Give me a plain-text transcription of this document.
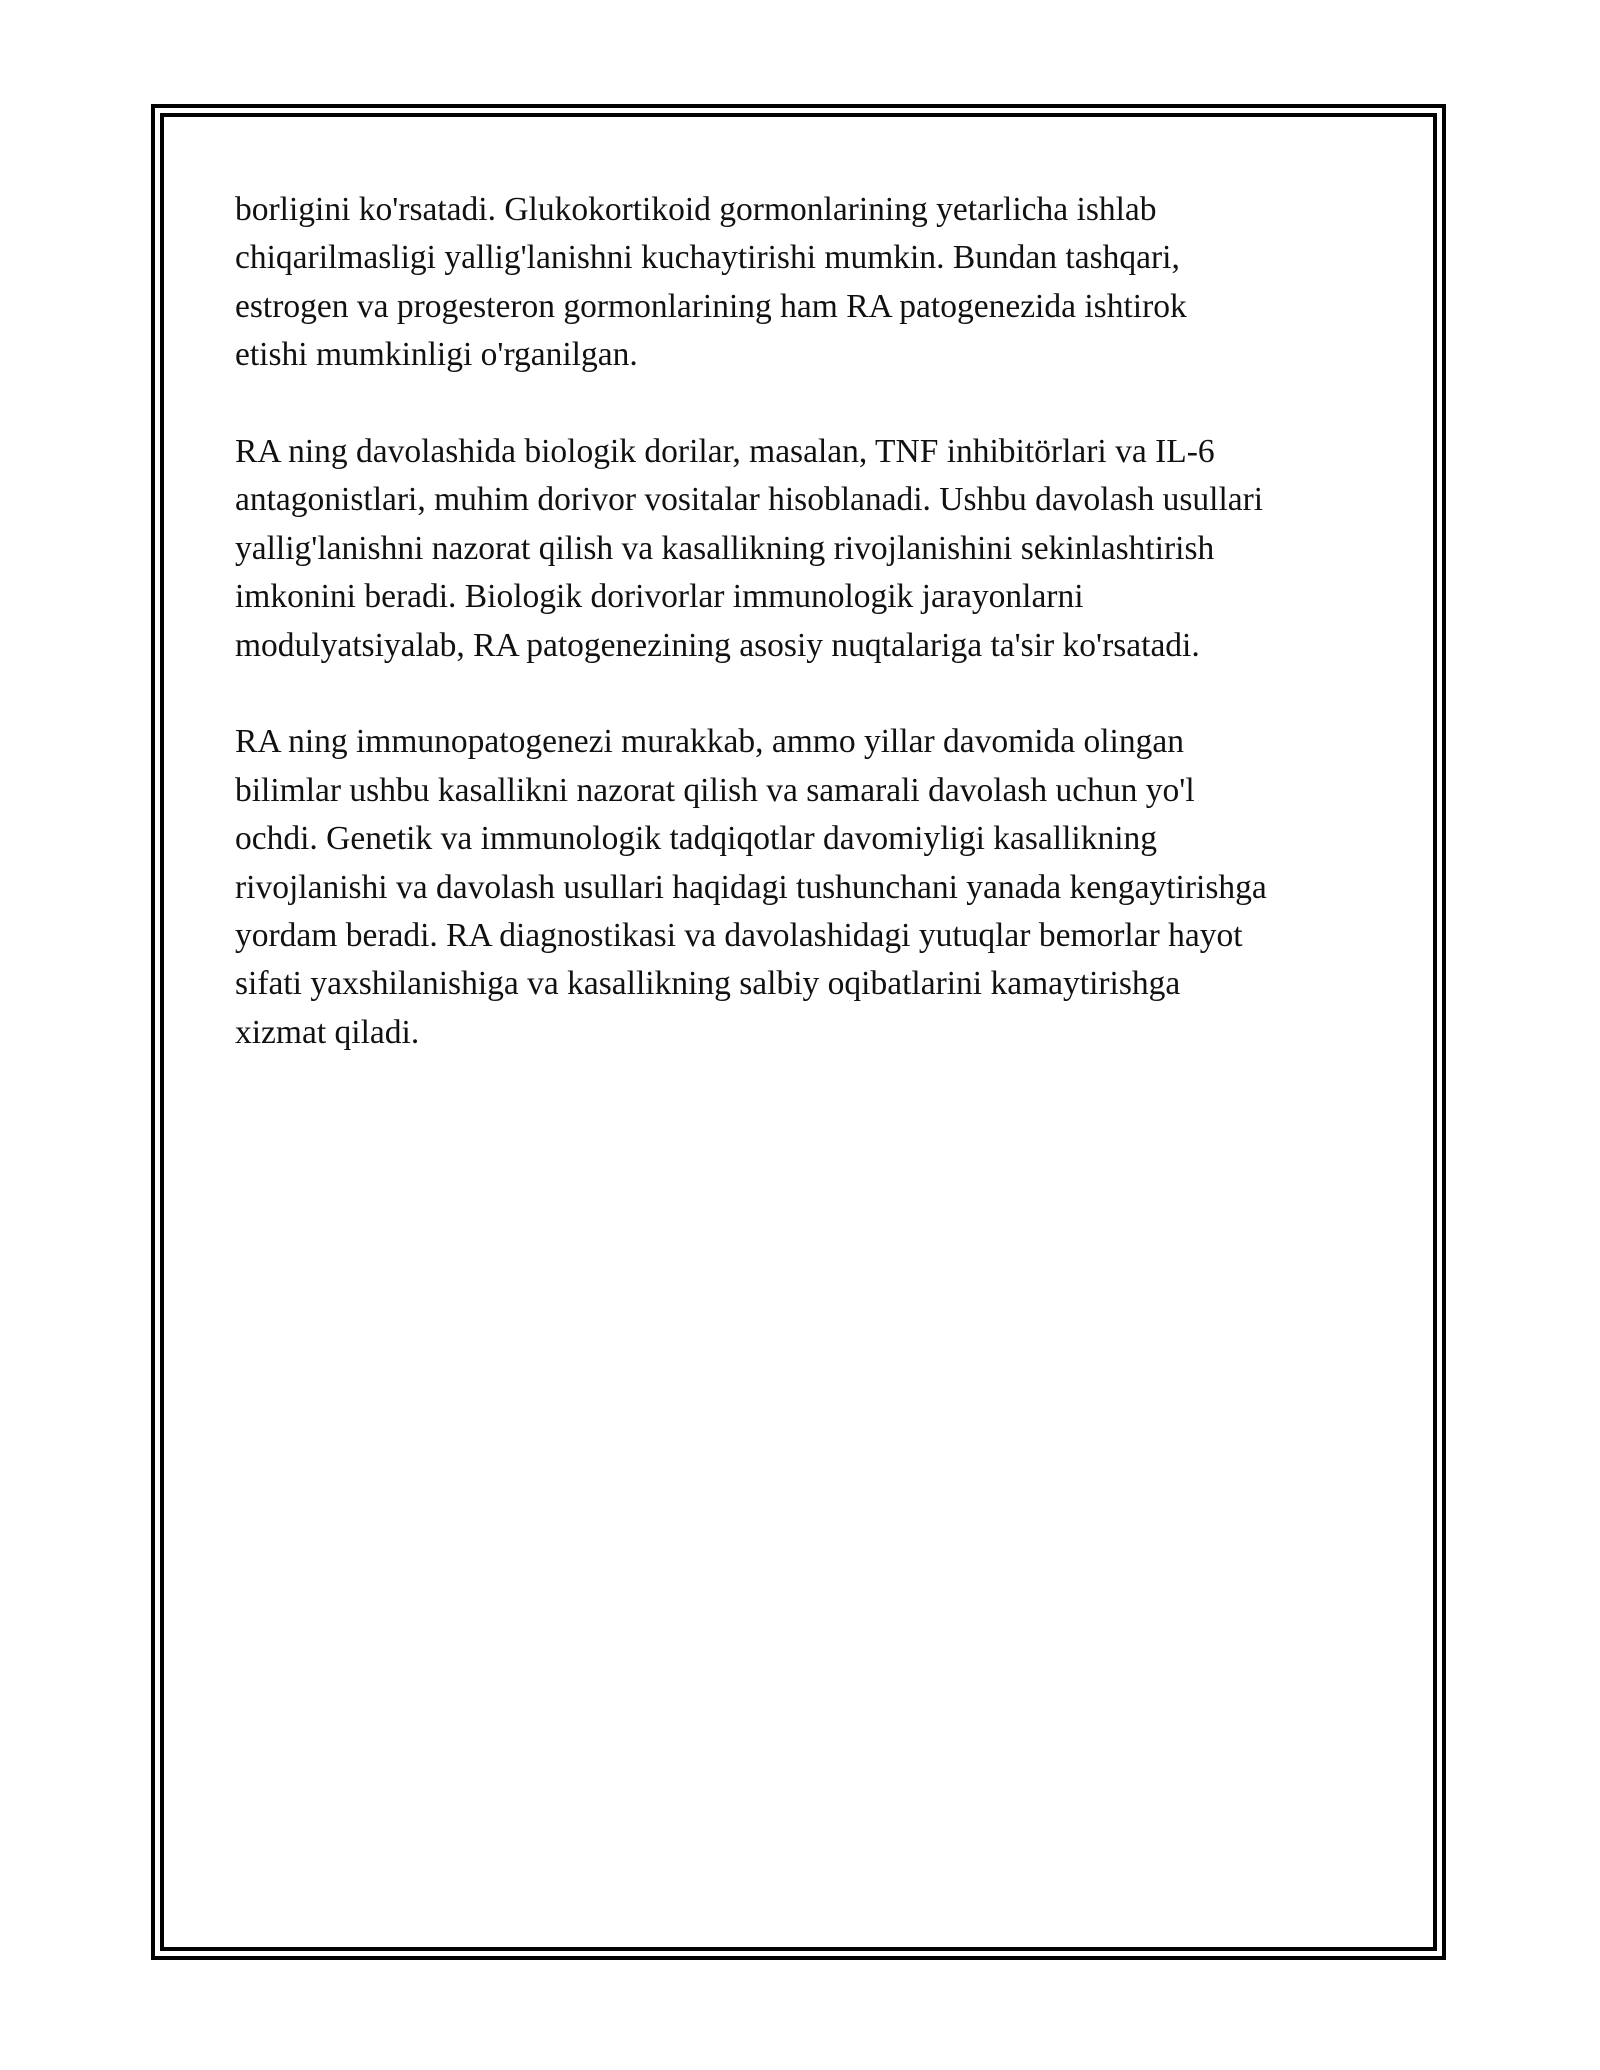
borligini ko'rsatadi. Glukokortikoid gormonlarining yetarlicha ishlab
chiqarilmasligi yallig'lanishni kuchaytirishi mumkin. Bundan tashqari,
estrogen va progesteron gormonlarining ham RA patogenezida ishtirok
etishi mumkinligi o'rganilgan.

RA ning davolashida biologik dorilar, masalan, TNF inhibitörlari va IL-6
antagonistlari, muhim dorivor vositalar hisoblanadi. Ushbu davolash usullari
yallig'lanishni nazorat qilish va kasallikning rivojlanishini sekinlashtirish
imkonini beradi. Biologik dorivorlar immunologik jarayonlarni
modulyatsiyalab, RA patogenezining asosiy nuqtalariga ta'sir ko'rsatadi.

RA ning immunopatogenezi murakkab, ammo yillar davomida olingan
bilimlar ushbu kasallikni nazorat qilish va samarali davolash uchun yo'l
ochdi. Genetik va immunologik tadqiqotlar davomiyligi kasallikning
rivojlanishi va davolash usullari haqidagi tushunchani yanada kengaytirishga
yordam beradi. RA diagnostikasi va davolashidagi yutuqlar bemorlar hayot
sifati yaxshilanishiga va kasallikning salbiy oqibatlarini kamaytirishga
xizmat qiladi.
